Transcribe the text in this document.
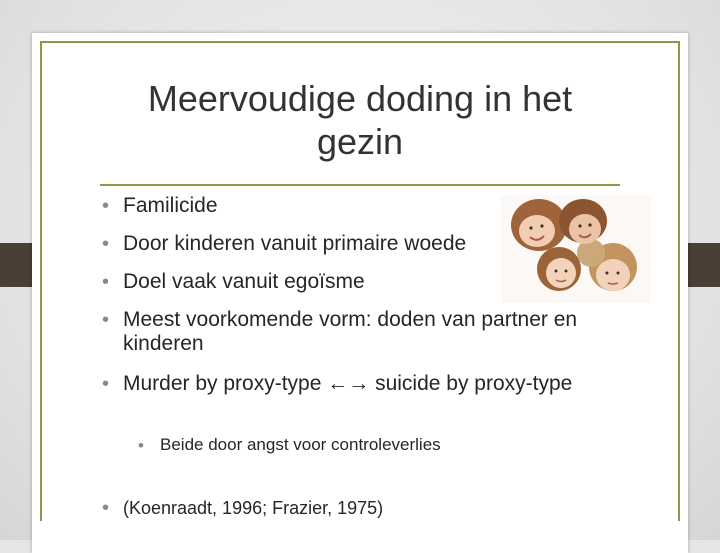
Meervoudige doding in het gezin
• Familicide
• Door kinderen vanuit primaire woede
• Doel vaak vanuit egoïsme
• Meest voorkomende vorm: doden van partner en kinderen
• Murder by proxy-type ←→ suicide by proxy-type
• Beide door angst voor controleverlies
• (Koenraadt, 1996; Frazier, 1975)
